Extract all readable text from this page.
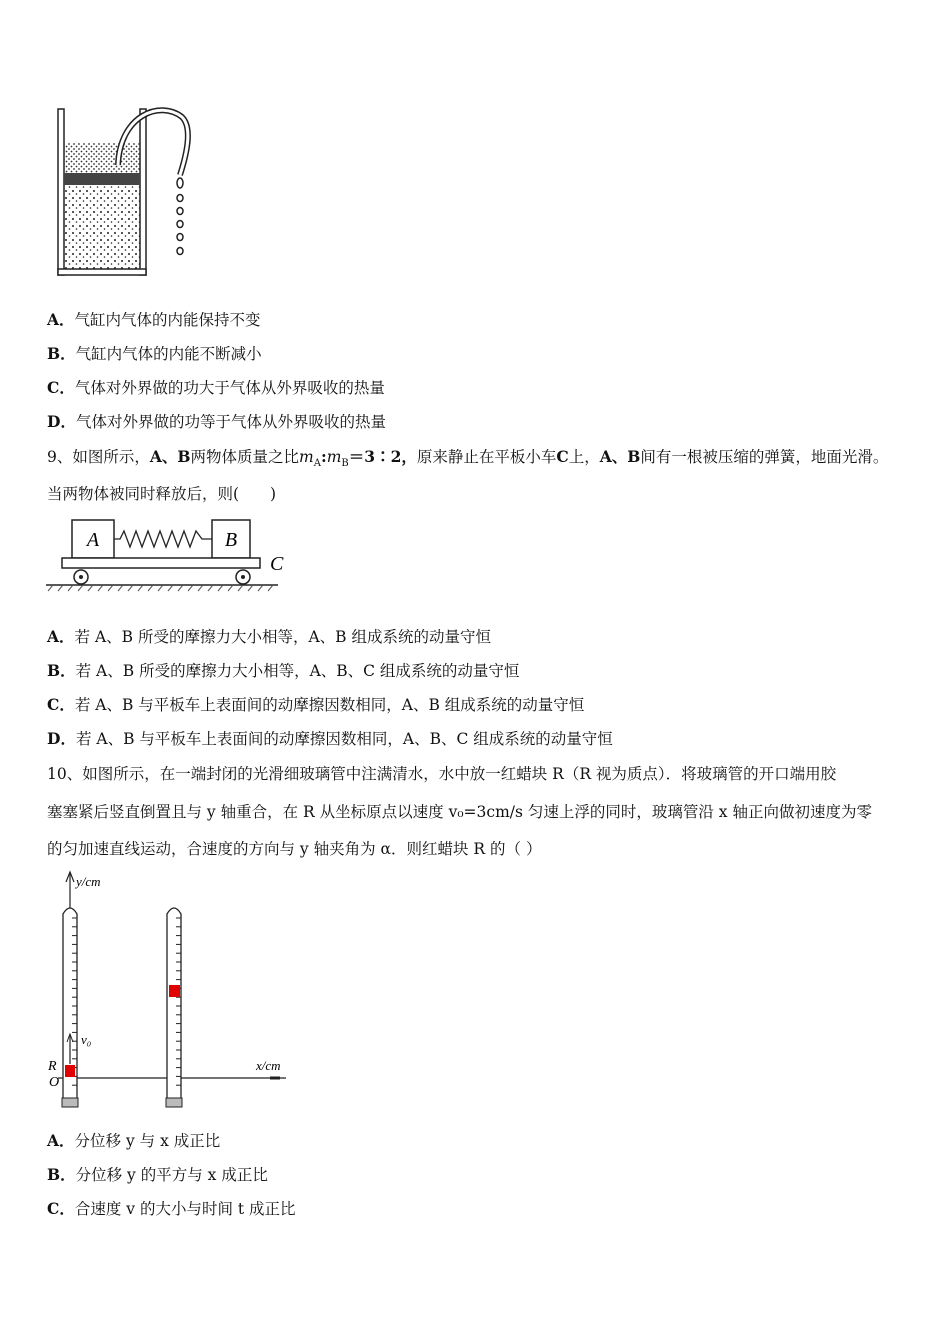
A．气缸内气体的内能保持不变
B．气缸内气体的内能不断减小
C．气体对外界做的功大于气体从外界吸收的热量
D．气体对外界做的功等于气体从外界吸收的热量
9、如图所示，A、B两物体质量之比$m_A:m_B=3∶2$，原来静止在平板小车C上，A、B间有一根被压缩的弹簧，地面光滑。
当两物体被同时释放后，则(　　)
A	B
C
A．若 A、B 所受的摩擦力大小相等，A、B 组成系统的动量守恒
B．若 A、B 所受的摩擦力大小相等，A、B、C 组成系统的动量守恒
C．若 A、B 与平板车上表面间的动摩擦因数相同，A、B 组成系统的动量守恒
D．若 A、B 与平板车上表面间的动摩擦因数相同，A、B、C 组成系统的动量守恒
10、如图所示，在一端封闭的光滑细玻璃管中注满清水，水中放一红蜡块 R（R 视为质点）．将玻璃管的开口端用胶
塞塞紧后竖直倒置且与 y 轴重合，在 R 从坐标原点以速度 v₀=3cm/s 匀速上浮的同时，玻璃管沿 x 轴正向做初速度为零
的匀加速直线运动，合速度的方向与 y 轴夹角为 α．则红蜡块 R 的（ ）
y/cm
x/cm
v₀
R
O
A．分位移 y 与 x 成正比
B．分位移 y 的平方与 x 成正比
C．合速度 v 的大小与时间 t 成正比
